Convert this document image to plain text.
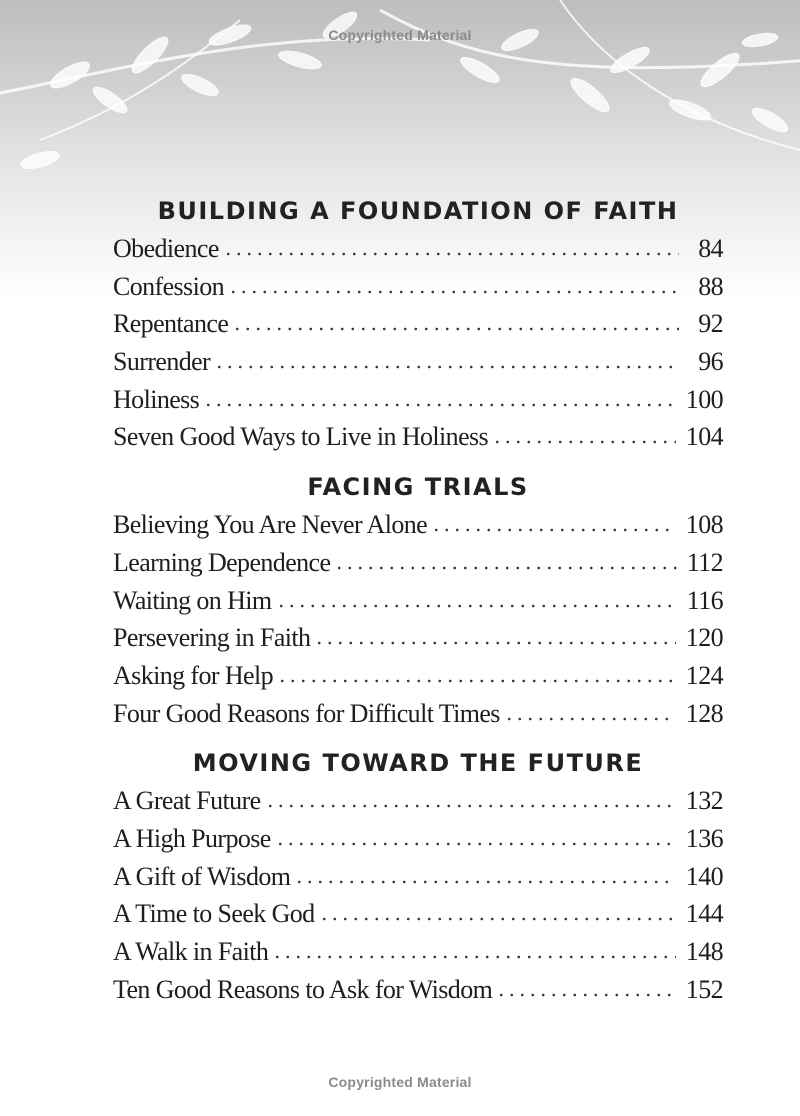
Copyrighted Material
BUILDING A FOUNDATION OF FAITH
Obedience	84
Confession	88
Repentance	92
Surrender	96
Holiness	100
Seven Good Ways to Live in Holiness	104
FACING TRIALS
Believing You Are Never Alone	108
Learning Dependence	112
Waiting on Him	116
Persevering in Faith	120
Asking for Help	124
Four Good Reasons for Difficult Times	128
MOVING TOWARD THE FUTURE
A Great Future	132
A High Purpose	136
A Gift of Wisdom	140
A Time to Seek God	144
A Walk in Faith	148
Ten Good Reasons to Ask for Wisdom	152
Copyrighted Material
